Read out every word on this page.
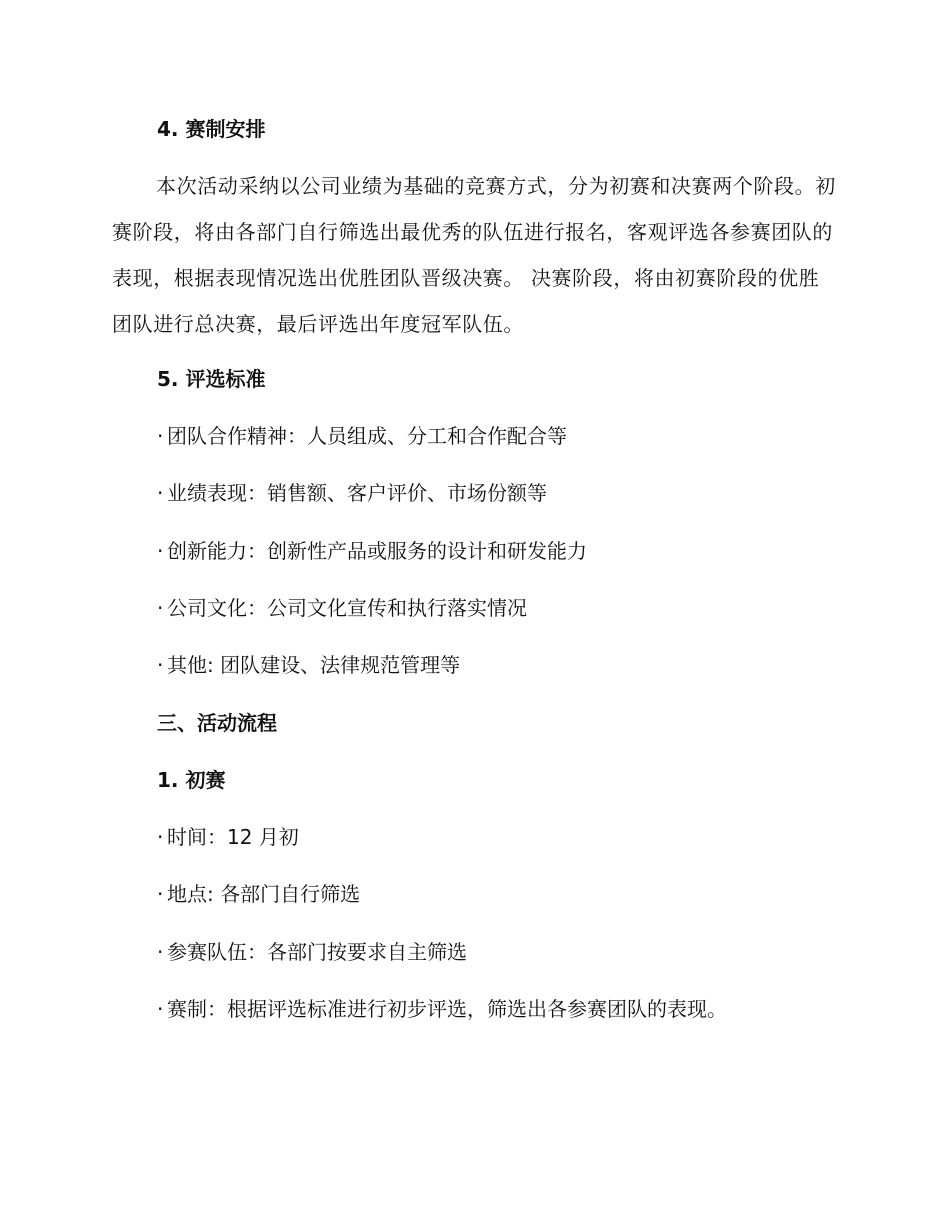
4. 赛制安排
本次活动采纳以公司业绩为基础的竞赛方式，分为初赛和决赛两个阶段。初赛阶段，将由各部门自行筛选出最优秀的队伍进行报名，客观评选各参赛团队的表现，根据表现情况选出优胜团队晋级决赛。 决赛阶段，将由初赛阶段的优胜团队进行总决赛，最后评选出年度冠军队伍。
5. 评选标准
· 团队合作精神：人员组成、分工和合作配合等
· 业绩表现：销售额、客户评价、市场份额等
· 创新能力：创新性产品或服务的设计和研发能力
· 公司文化：公司文化宣传和执行落实情况
· 其他: 团队建设、法律规范管理等
三、活动流程
1. 初赛
· 时间：12 月初
· 地点: 各部门自行筛选
· 参赛队伍：各部门按要求自主筛选
· 赛制：根据评选标准进行初步评选，筛选出各参赛团队的表现。
